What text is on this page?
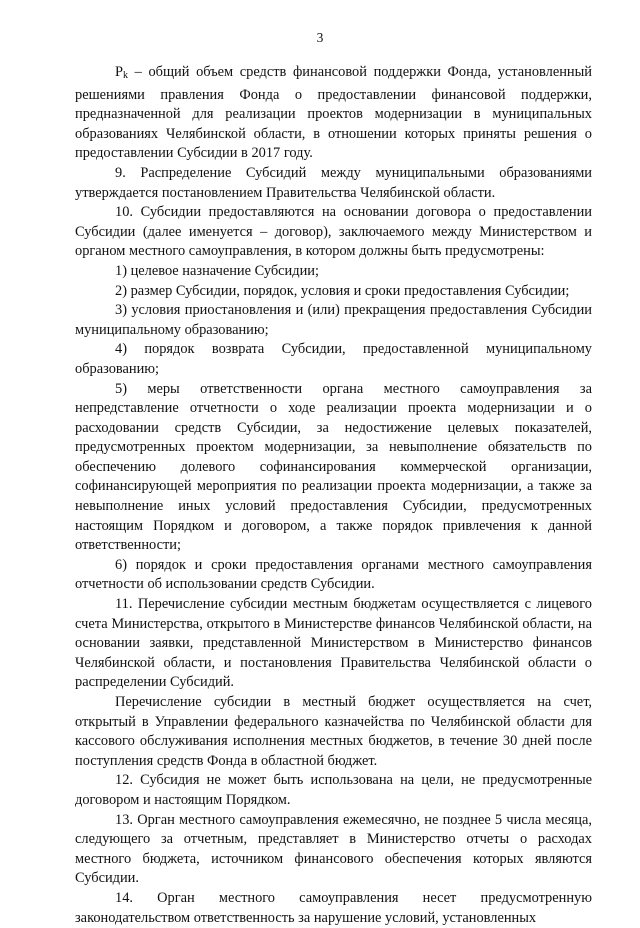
3

$P_k$ – общий объем средств финансовой поддержки Фонда, установленный решениями правления Фонда о предоставлении финансовой поддержки, предназначенной для реализации проектов модернизации в муниципальных образованиях Челябинской области, в отношении которых приняты решения о предоставлении Субсидии в 2017 году.

9. Распределение Субсидий между муниципальными образованиями утверждается постановлением Правительства Челябинской области.

10. Субсидии предоставляются на основании договора о предоставлении Субсидии (далее именуется – договор), заключаемого между Министерством и органом местного самоуправления, в котором должны быть предусмотрены:

1) целевое назначение Субсидии;

2) размер Субсидии, порядок, условия и сроки предоставления Субсидии;

3) условия приостановления и (или) прекращения предоставления Субсидии муниципальному образованию;

4) порядок возврата Субсидии, предоставленной муниципальному образованию;

5) меры ответственности органа местного самоуправления за непредставление отчетности о ходе реализации проекта модернизации и о расходовании средств Субсидии, за недостижение целевых показателей, предусмотренных проектом модернизации, за невыполнение обязательств по обеспечению долевого софинансирования коммерческой организации, софинансирующей мероприятия по реализации проекта модернизации, а также за невыполнение иных условий предоставления Субсидии, предусмотренных настоящим Порядком и договором, а также порядок привлечения к данной ответственности;

6) порядок и сроки предоставления органами местного самоуправления отчетности об использовании средств Субсидии.

11. Перечисление субсидии местным бюджетам осуществляется с лицевого счета Министерства, открытого в Министерстве финансов Челябинской области, на основании заявки, представленной Министерством в Министерство финансов Челябинской области, и постановления Правительства Челябинской области о распределении Субсидий.

Перечисление субсидии в местный бюджет осуществляется на счет, открытый в Управлении федерального казначейства по Челябинской области для кассового обслуживания исполнения местных бюджетов, в течение 30 дней после поступления средств Фонда в областной бюджет.

12. Субсидия не может быть использована на цели, не предусмотренные договором и настоящим Порядком.

13. Орган местного самоуправления ежемесячно, не позднее 5 числа месяца, следующего за отчетным, представляет в Министерство отчеты о расходах местного бюджета, источником финансового обеспечения которых являются Субсидии.

14. Орган местного самоуправления несет предусмотренную законодательством ответственность за нарушение условий, установленных
